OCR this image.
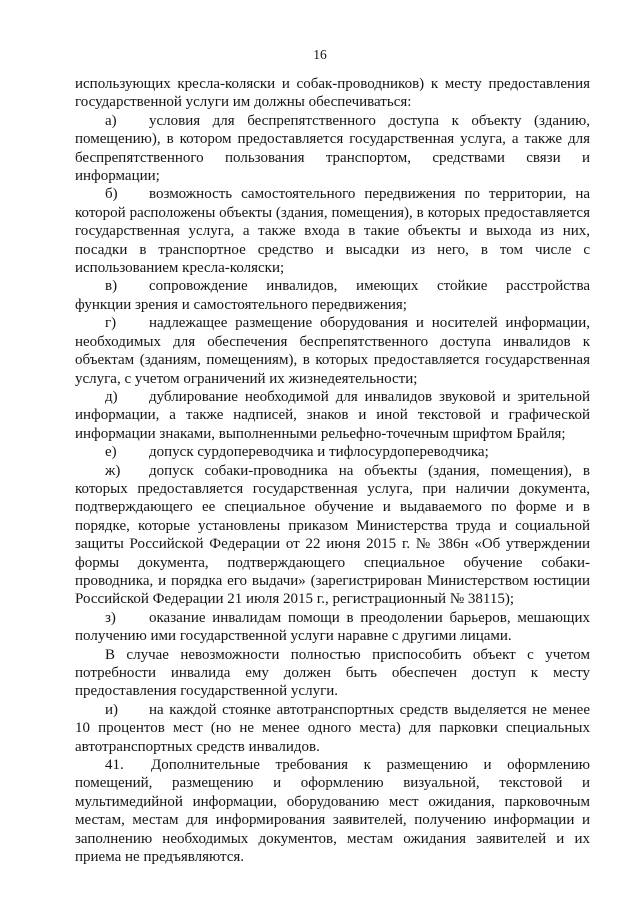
16

использующих кресла-коляски и собак-проводников) к месту предоставления государственной услуги им должны обеспечиваться:

а) условия для беспрепятственного доступа к объекту (зданию, помещению), в котором предоставляется государственная услуга, а также для беспрепятственного пользования транспортом, средствами связи и информации;

б) возможность самостоятельного передвижения по территории, на которой расположены объекты (здания, помещения), в которых предоставляется государственная услуга, а также входа в такие объекты и выхода из них, посадки в транспортное средство и высадки из него, в том числе с использованием кресла-коляски;

в) сопровождение инвалидов, имеющих стойкие расстройства функции зрения и самостоятельного передвижения;

г) надлежащее размещение оборудования и носителей информации, необходимых для обеспечения беспрепятственного доступа инвалидов к объектам (зданиям, помещениям), в которых предоставляется государственная услуга, с учетом ограничений их жизнедеятельности;

д) дублирование необходимой для инвалидов звуковой и зрительной информации, а также надписей, знаков и иной текстовой и графической информации знаками, выполненными рельефно-точечным шрифтом Брайля;

е) допуск сурдопереводчика и тифлосурдопереводчика;

ж) допуск собаки-проводника на объекты (здания, помещения), в которых предоставляется государственная услуга, при наличии документа, подтверждающего ее специальное обучение и выдаваемого по форме и в порядке, которые установлены приказом Министерства труда и социальной защиты Российской Федерации от 22 июня 2015 г. № 386н «Об утверждении формы документа, подтверждающего специальное обучение собаки-проводника, и порядка его выдачи» (зарегистрирован Министерством юстиции Российской Федерации 21 июля 2015 г., регистрационный № 38115);

з) оказание инвалидам помощи в преодолении барьеров, мешающих получению ими государственной услуги наравне с другими лицами.

В случае невозможности полностью приспособить объект с учетом потребности инвалида ему должен быть обеспечен доступ к месту предоставления государственной услуги.

и) на каждой стоянке автотранспортных средств выделяется не менее 10 процентов мест (но не менее одного места) для парковки специальных автотранспортных средств инвалидов.

41. Дополнительные требования к размещению и оформлению помещений, размещению и оформлению визуальной, текстовой и мультимедийной информации, оборудованию мест ожидания, парковочным местам, местам для информирования заявителей, получению информации и заполнению необходимых документов, местам ожидания заявителей и их приема не предъявляются.
